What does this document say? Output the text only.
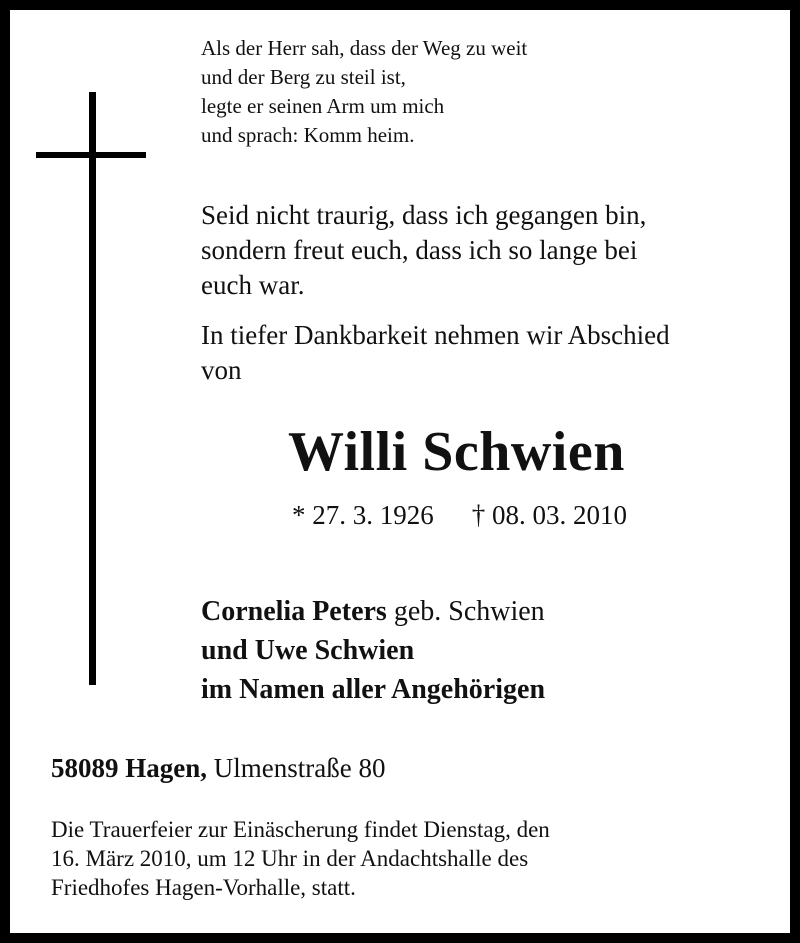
Als der Herr sah, dass der Weg zu weit
und der Berg zu steil ist,
legte er seinen Arm um mich
und sprach: Komm heim.
Seid nicht traurig, dass ich gegangen bin,
sondern freut euch, dass ich so lange bei
euch war.
In tiefer Dankbarkeit nehmen wir Abschied
von
Willi Schwien
* 27. 3. 1926 † 08. 03. 2010
Cornelia Peters geb. Schwien
und Uwe Schwien
im Namen aller Angehörigen
58089 Hagen, Ulmenstraße 80
Die Trauerfeier zur Einäscherung findet Dienstag, den
16. März 2010, um 12 Uhr in der Andachtshalle des
Friedhofes Hagen-Vorhalle, statt.
